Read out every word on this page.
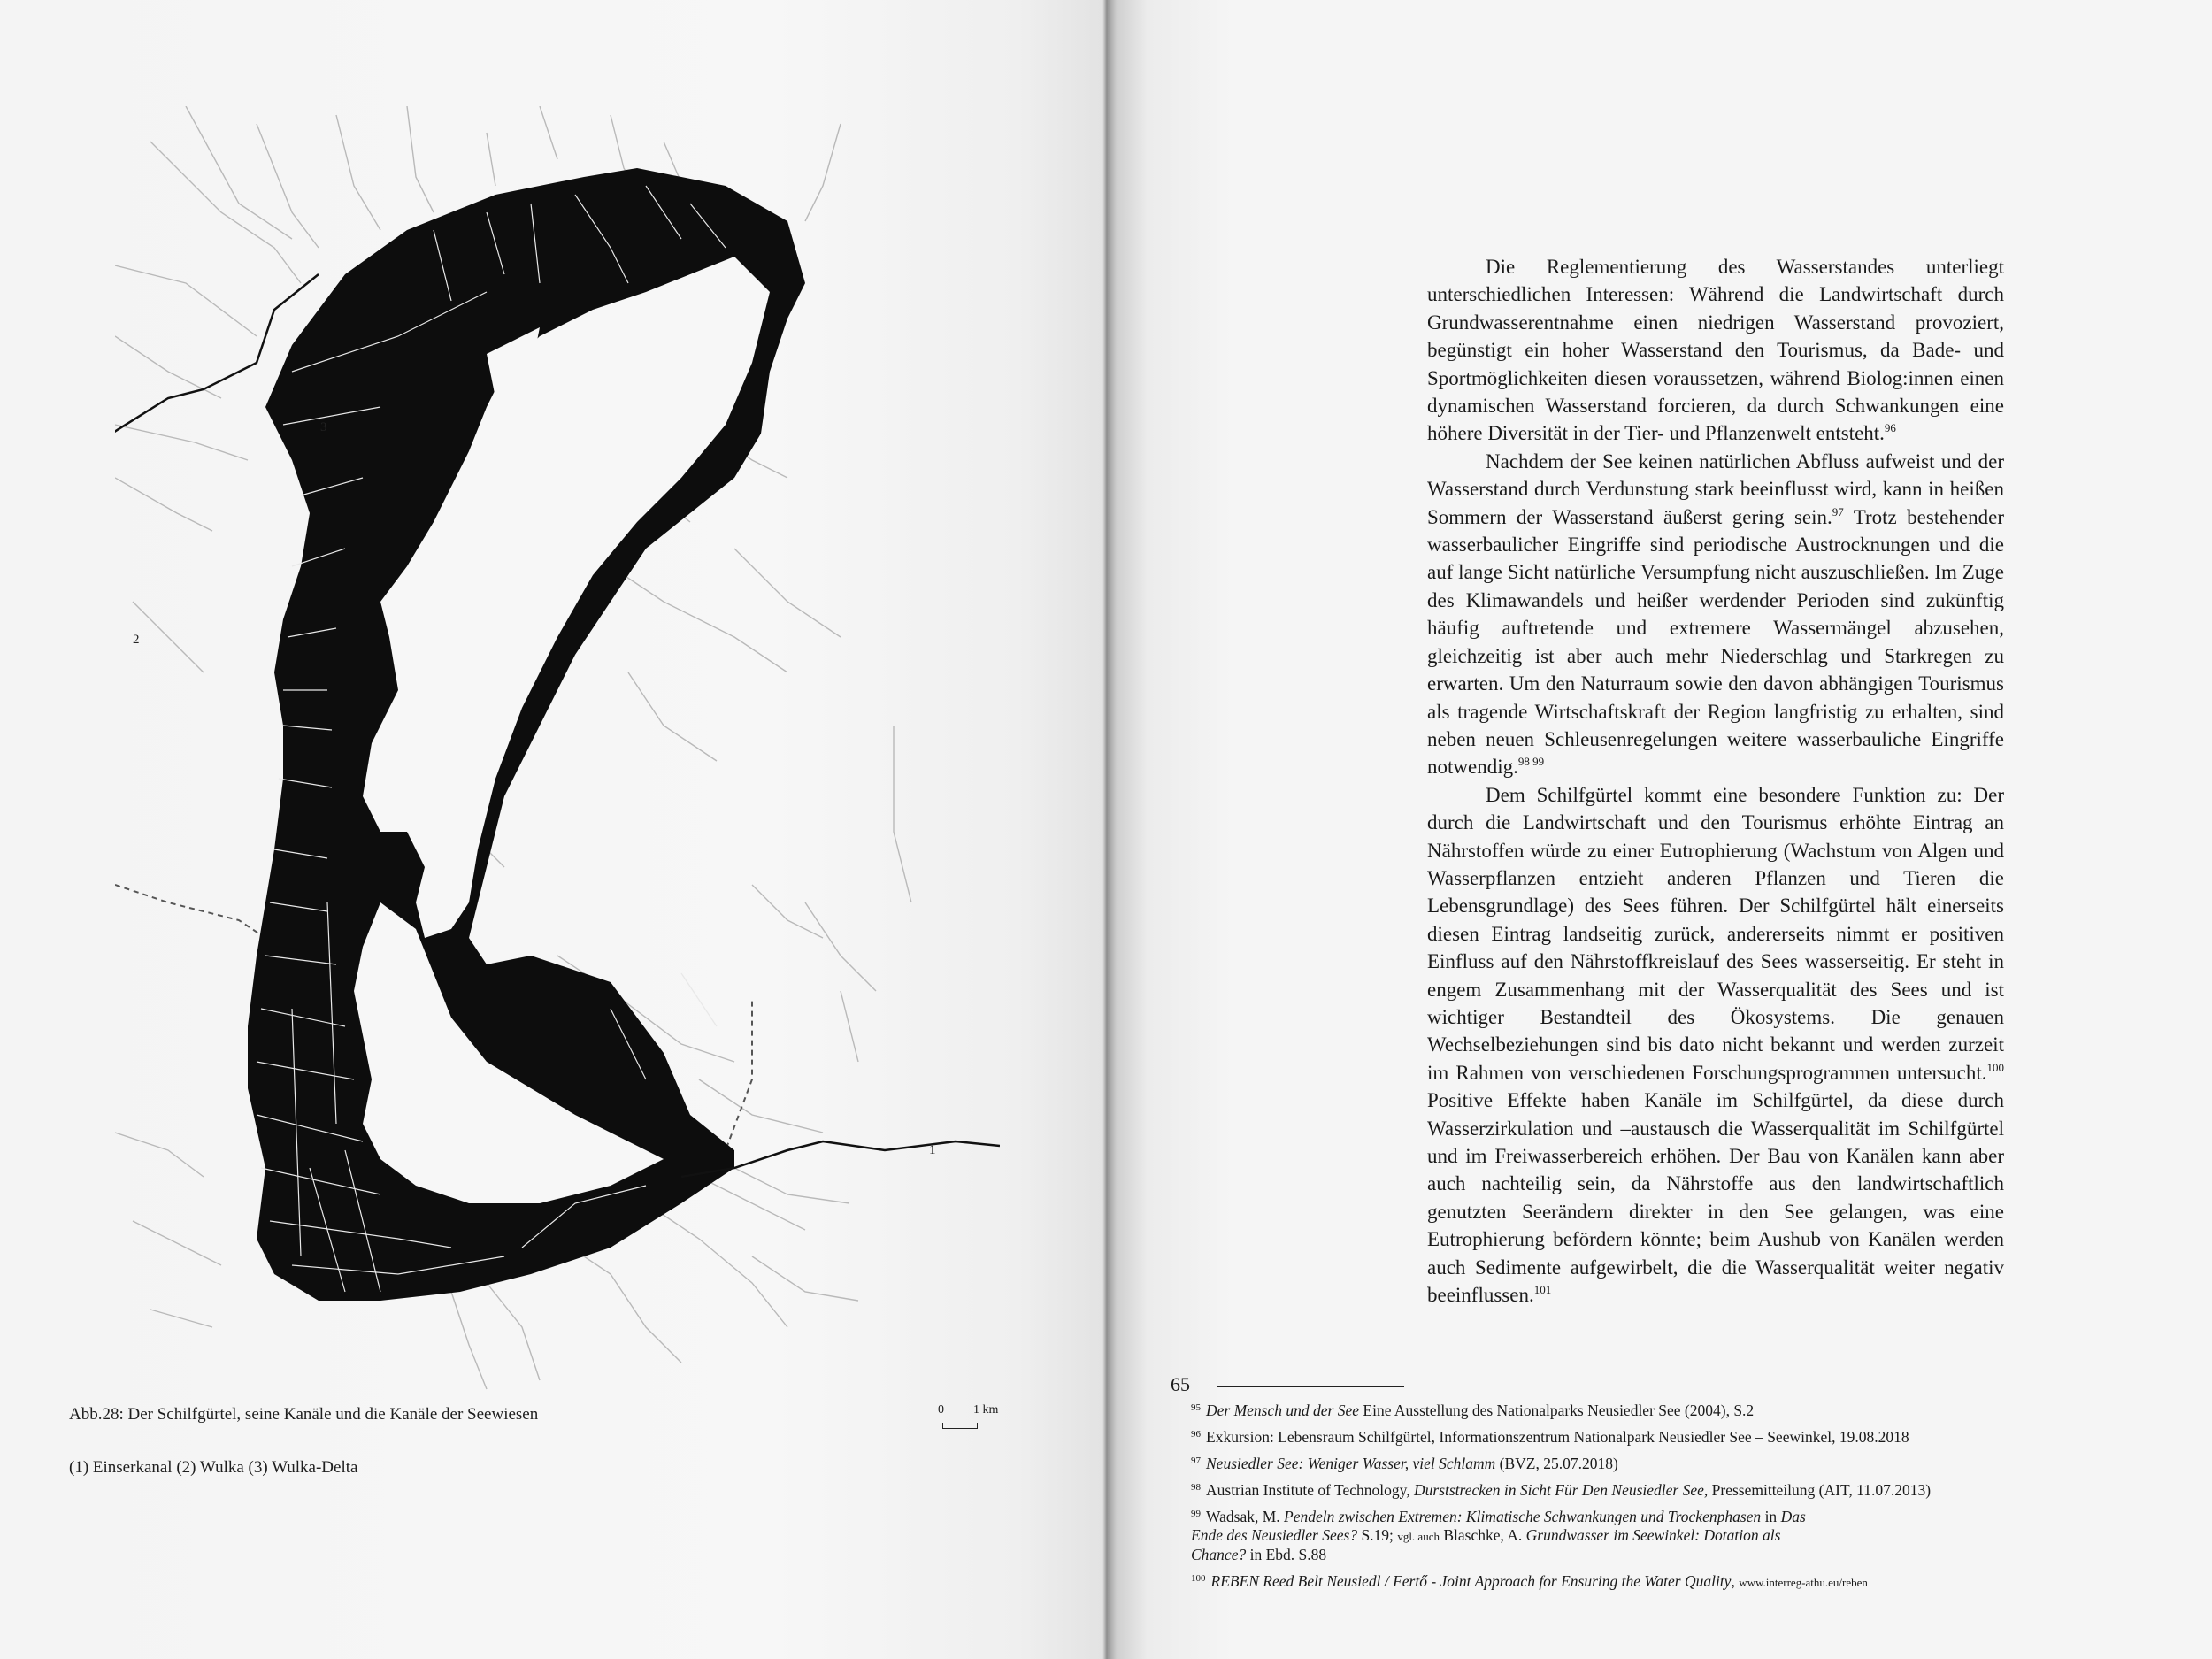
1
2
3
Abb.28: Der Schilfgürtel, seine Kanäle und die Kanäle der Seewiesen
(1) Einserkanal (2) Wulka (3) Wulka-Delta
0 1 km

Die Reglementierung des Wasserstandes unterliegt unterschiedlichen Interessen: Während die Landwirtschaft durch Grundwasserentnahme einen niedrigen Wasserstand provoziert, begünstigt ein hoher Wasserstand den Tourismus, da Bade- und Sportmöglichkeiten diesen voraussetzen, während Biolog:innen einen dynamischen Wasserstand forcieren, da durch Schwankungen eine höhere Diversität in der Tier- und Pflanzenwelt entsteht.$^{96}$

Nachdem der See keinen natürlichen Abfluss aufweist und der Wasserstand durch Verdunstung stark beeinflusst wird, kann in heißen Sommern der Wasserstand äußerst gering sein.$^{97}$ Trotz bestehender wasserbaulicher Eingriffe sind periodische Austrocknungen und die auf lange Sicht natürliche Versumpfung nicht auszuschließen. Im Zuge des Klimawandels und heißer werdender Perioden sind zukünftig häufig auftretende und extremere Wassermängel abzusehen, gleichzeitig ist aber auch mehr Niederschlag und Starkregen zu erwarten. Um den Naturraum sowie den davon abhängigen Tourismus als tragende Wirtschaftskraft der Region langfristig zu erhalten, sind neben neuen Schleusenregelungen weitere wasserbauliche Eingriffe notwendig.$^{98 99}$

Dem Schilfgürtel kommt eine besondere Funktion zu: Der durch die Landwirtschaft und den Tourismus erhöhte Eintrag an Nährstoffen würde zu einer Eutrophierung (Wachstum von Algen und Wasserpflanzen entzieht anderen Pflanzen und Tieren die Lebensgrundlage) des Sees führen. Der Schilfgürtel hält einerseits diesen Eintrag landseitig zurück, andererseits nimmt er positiven Einfluss auf den Nährstoffkreislauf des Sees wasserseitig. Er steht in engem Zusammenhang mit der Wasserqualität des Sees und ist wichtiger Bestandteil des Ökosystems. Die genauen Wechselbeziehungen sind bis dato nicht bekannt und werden zurzeit im Rahmen von verschiedenen Forschungsprogrammen untersucht.$^{100}$ Positive Effekte haben Kanäle im Schilfgürtel, da diese durch Wasserzirkulation und –austausch die Wasserqualität im Schilfgürtel und im Freiwasserbereich erhöhen. Der Bau von Kanälen kann aber auch nachteilig sein, da Nährstoffe aus den landwirtschaftlich genutzten Seerändern direkter in den See gelangen, was eine Eutrophierung befördern könnte; beim Aushub von Kanälen werden auch Sedimente aufgewirbelt, die die Wasserqualität weiter negativ beeinflussen.$^{101}$

65
$^{95}$ Der Mensch und der See Eine Ausstellung des Nationalparks Neusiedler See (2004), S.2
$^{96}$ Exkursion: Lebensraum Schilfgürtel, Informationszentrum Nationalpark Neusiedler See – Seewinkel, 19.08.2018
$^{97}$ Neusiedler See: Weniger Wasser, viel Schlamm (BVZ, 25.07.2018)
$^{98}$ Austrian Institute of Technology, Durststrecken in Sicht Für Den Neusiedler See, Pressemitteilung (AIT, 11.07.2013)
$^{99}$ Wadsak, M. Pendeln zwischen Extremen: Klimatische Schwankungen und Trockenphasen in Das Ende des Neusiedler Sees? S.19; vgl. auch Blaschke, A. Grundwasser im Seewinkel: Dotation als Chance? in Ebd. S.88
$^{100}$ REBEN Reed Belt Neusiedl / Fertő - Joint Approach for Ensuring the Water Quality, www.interreg-athu.eu/reben
